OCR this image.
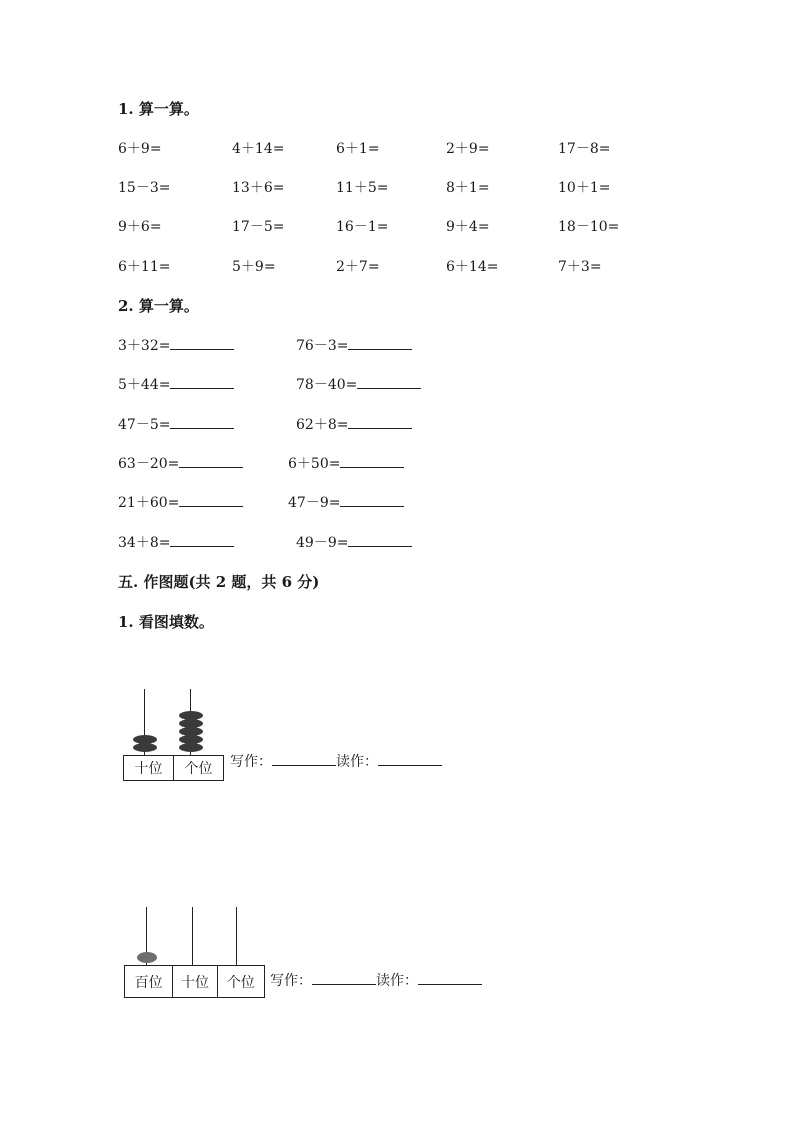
1. 算一算。
6＋9=	4＋14=	6＋1=	2＋9=	17－8=
15－3=	13＋6=	11＋5=	8＋1=	10＋1=
9＋6=	17－5=	16－1=	9＋4=	18－10=
6＋11=	5＋9=	2＋7=	6＋14=	7＋3=
2. 算一算。
3＋32=	76－3=
5＋44=	78－40=
47－5=	62＋8=
63－20=	6＋50=
21＋60=	47－9=
34＋8=	49－9=
五. 作图题(共 2 题，共 6 分)
1. 看图填数。
十位	个位	写作：	读作：
百位	十位	个位	写作：	读作：
